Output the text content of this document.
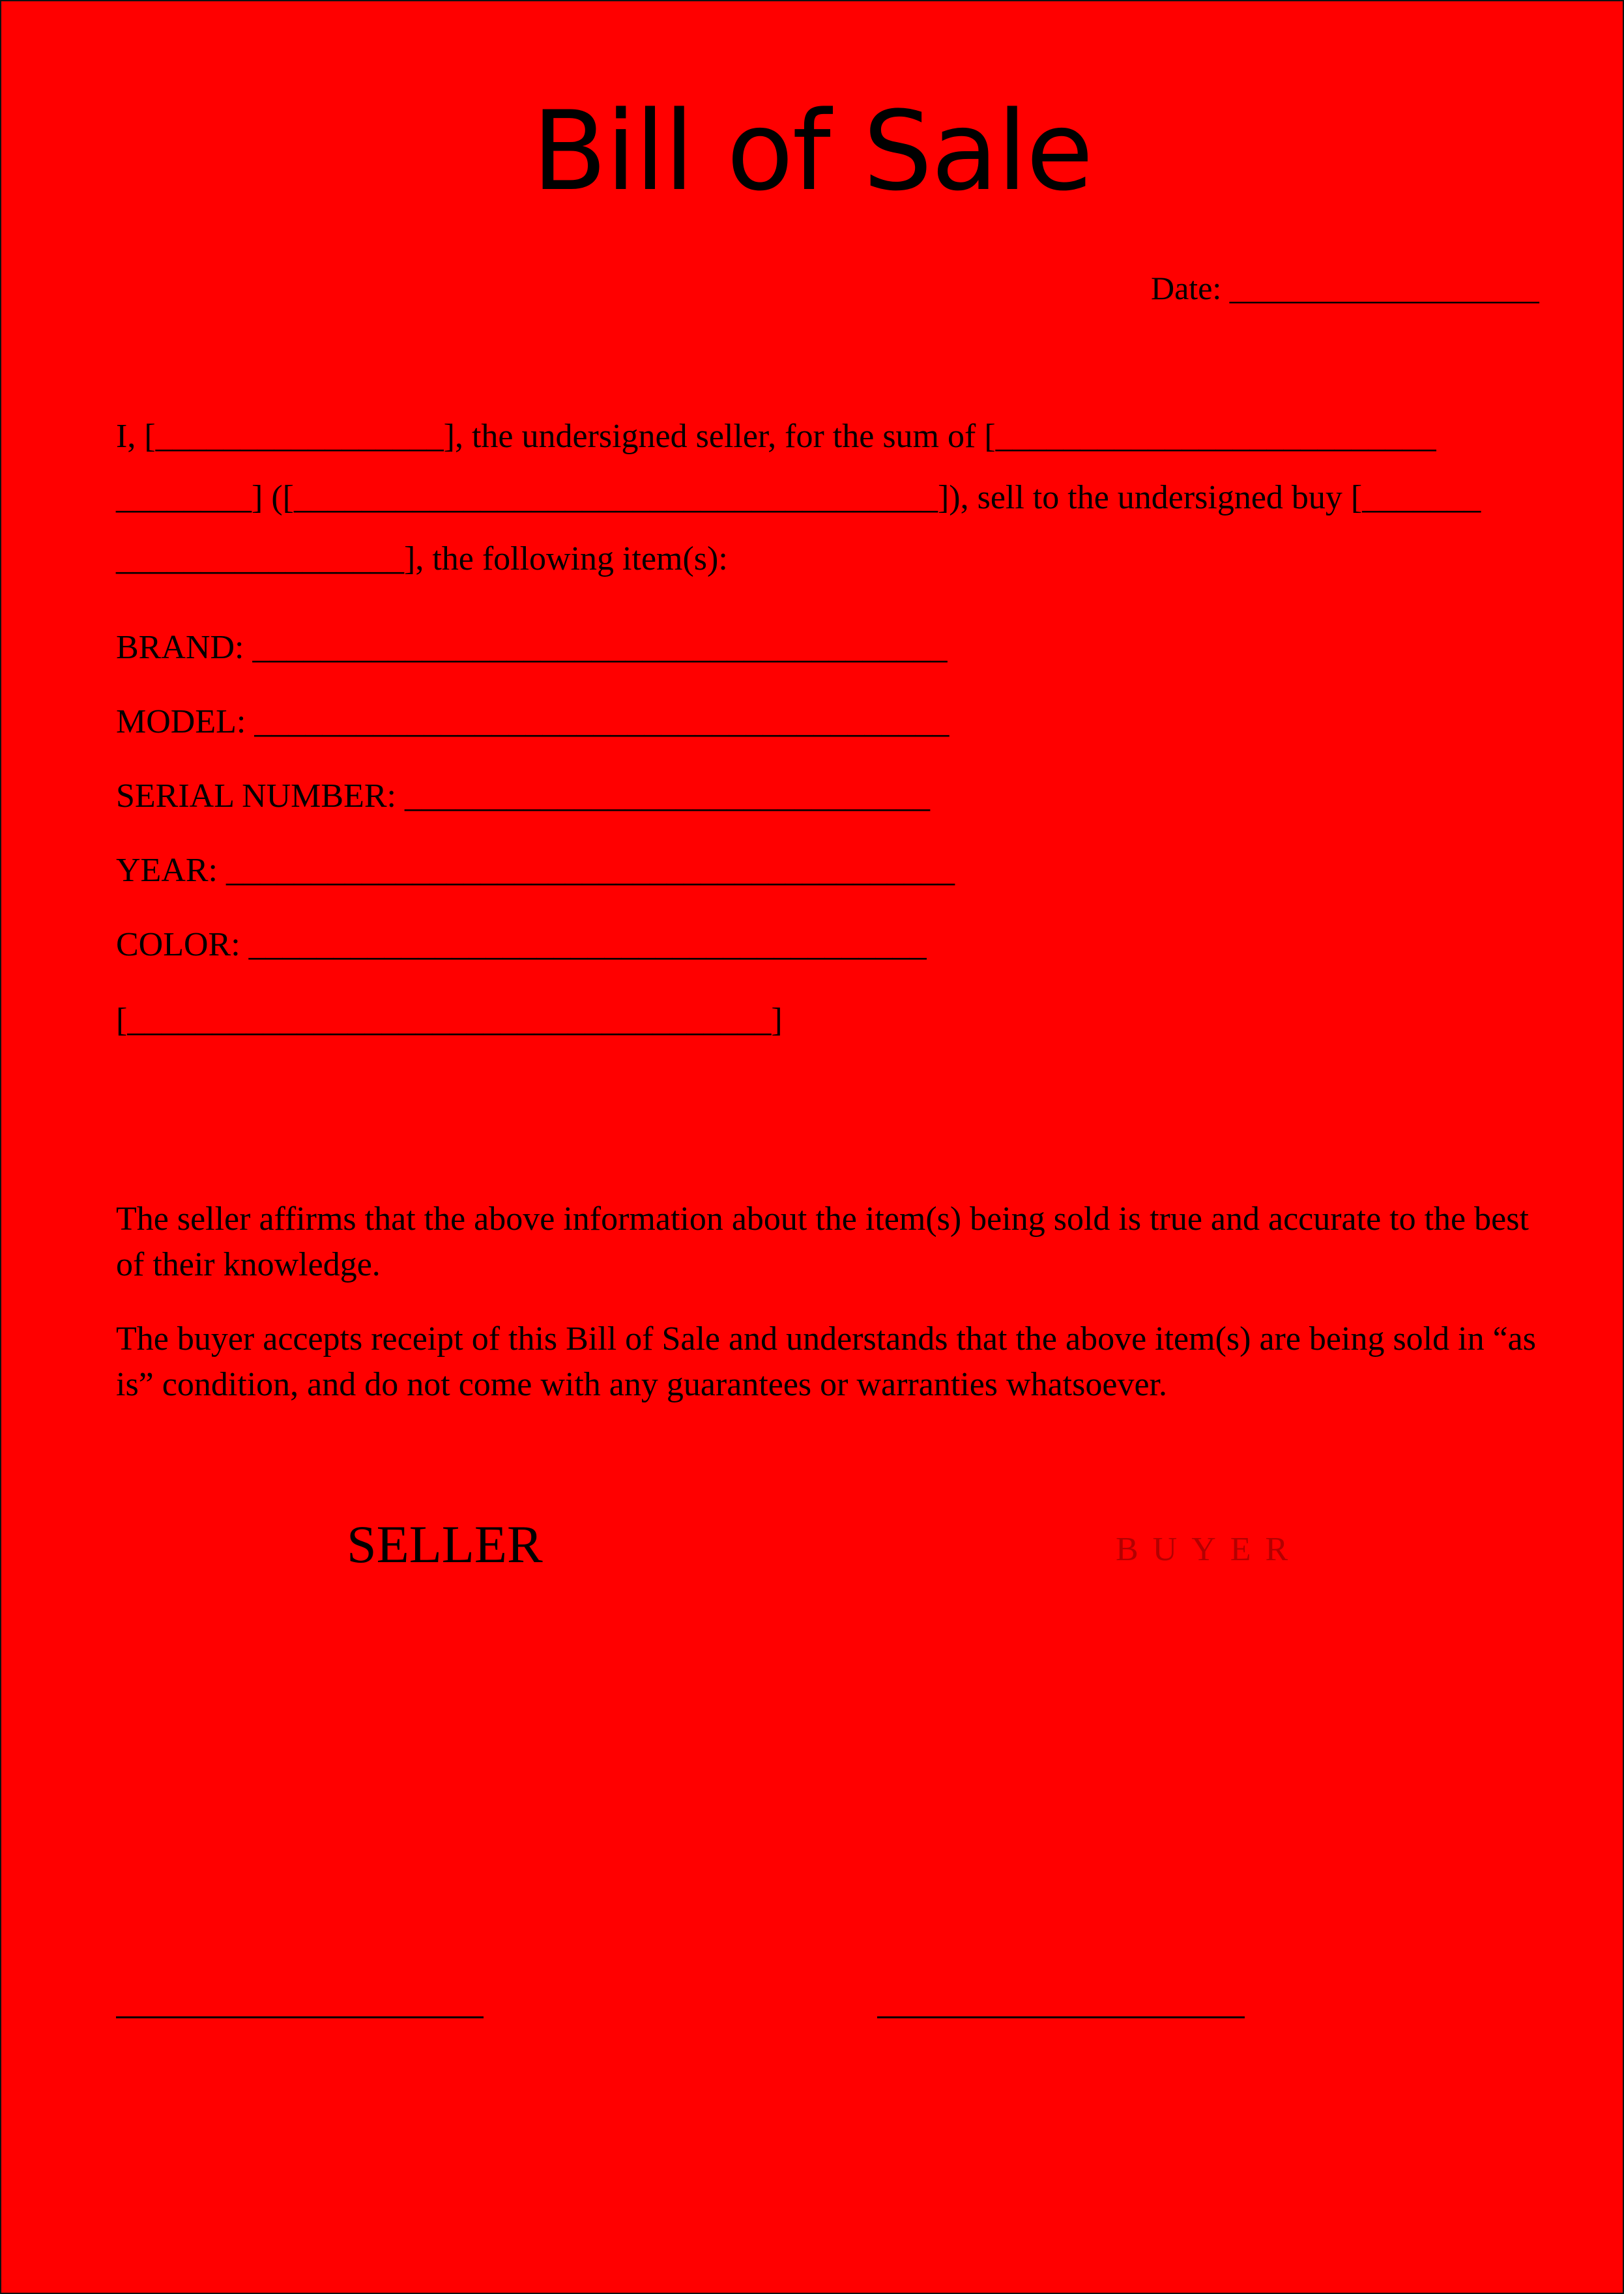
Bill of Sale
Date: ___________________
I, [_________________], the undersigned seller, for the sum of [__________________________
________] ([______________________________________]), sell to the undersigned buy [_______
_________________], the following item(s):
BRAND: _________________________________________
MODEL: _________________________________________
SERIAL NUMBER: _______________________________
YEAR: ___________________________________________
COLOR: ________________________________________
[______________________________________]
The seller affirms that the above information about the item(s) being sold is true and accurate to the best of their knowledge.
The buyer accepts receipt of this Bill of Sale and understands that the above item(s) are being sold in “as is” condition, and do not come with any guarantees or warranties whatsoever.
SELLER	BUYER
